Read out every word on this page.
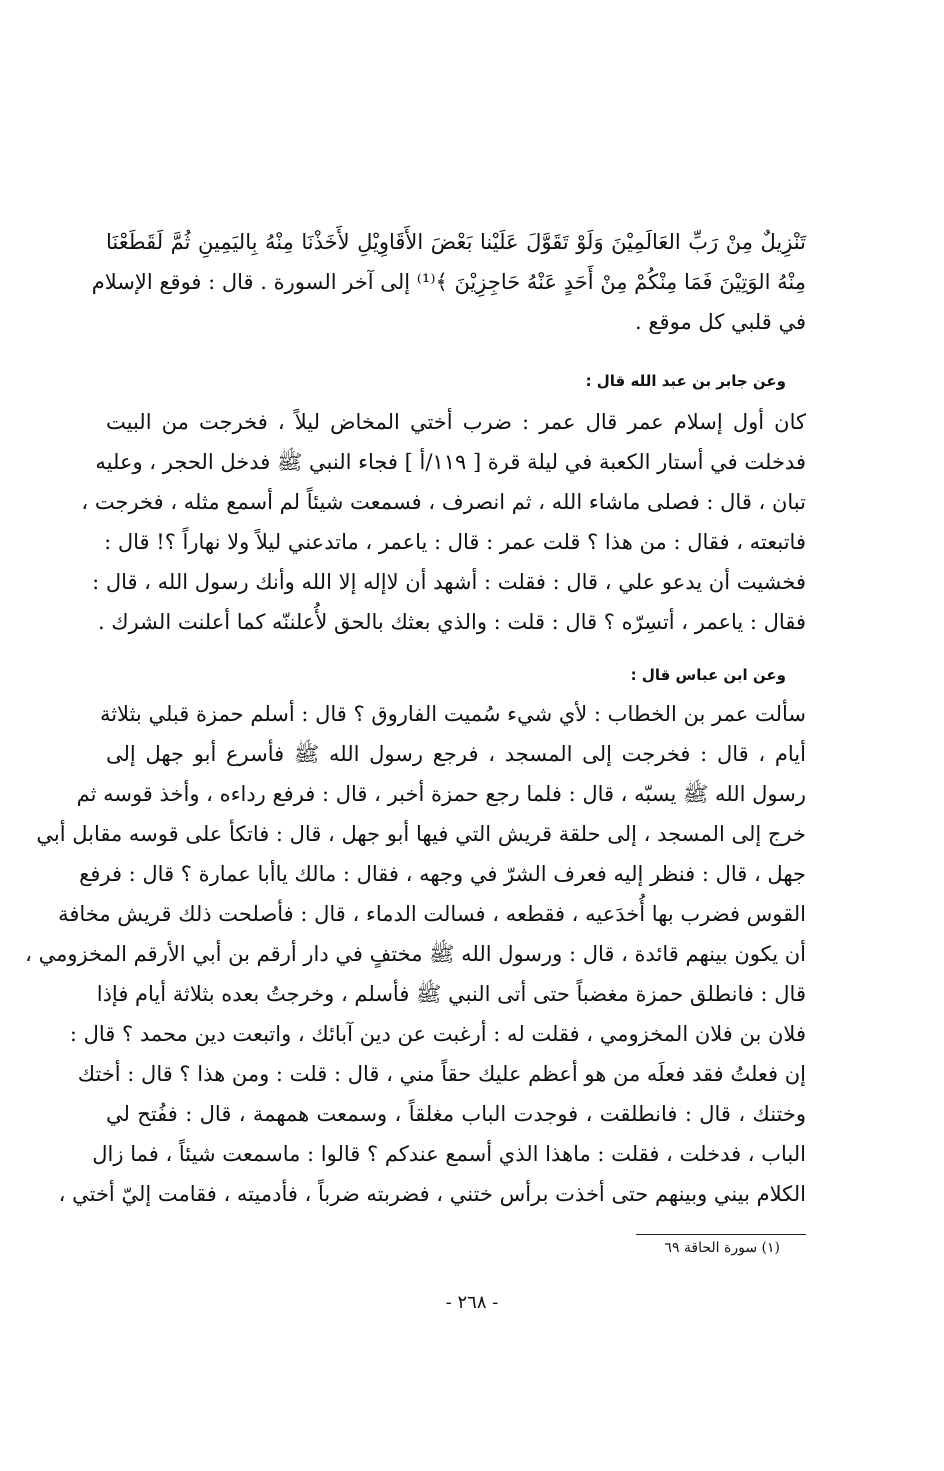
تَنْزِيلٌ مِنْ رَبِّ العَالَمِيْنَ وَلَوْ تَقَوَّلَ عَلَيْنا بَعْضَ الأَقَاوِيْلِ لأَخَذْنَا مِنْهُ بِاليَمِينِ ثُمَّ لَقَطَعْنَا
مِنْهُ الوَتِيْنَ فَمَا مِنْكُمْ مِنْ أَحَدٍ عَنْهُ حَاجِزِيْنَ ﴾⁽¹⁾ إلى آخر السورة . قال : فوقع الإسلام
في قلبي كل موقع .
وعن جابر بن عبد الله قال :
كان أول إسلام عمر قال عمر : ضرب أختي المخاض ليلاً ، فخرجت من البيت
فدخلت في أستار الكعبة في ليلة قرة [ ١١٩/أ ] فجاء النبي ﷺ فدخل الحجر ، وعليه
تبان ، قال : فصلى ماشاء الله ، ثم انصرف ، فسمعت شيئاً لم أسمع مثله ، فخرجت ،
فاتبعته ، فقال : من هذا ؟ قلت عمر : قال : ياعمر ، ماتدعني ليلاً ولا نهاراً ؟! قال :
فخشيت أن يدعو علي ، قال : فقلت : أشهد أن لاإله إلا الله وأنك رسول الله ، قال :
فقال : ياعمر ، أتسِرّه ؟ قال : قلت : والذي بعثك بالحق لأُعلننّه كما أعلنت الشرك .
وعن ابن عباس قال :
سألت عمر بن الخطاب : لأي شيء سُميت الفاروق ؟ قال : أسلم حمزة قبلي بثلاثة
أيام ، قال : فخرجت إلى المسجد ، فرجع رسول الله ﷺ فأسرع أبو جهل إلى
رسول الله ﷺ يسبّه ، قال : فلما رجع حمزة أخبر ، قال : فرفع رداءه ، وأخذ قوسه ثم
خرج إلى المسجد ، إلى حلقة قريش التي فيها أبو جهل ، قال : فاتكأ على قوسه مقابل أبي
جهل ، قال : فنظر إليه فعرف الشرّ في وجهه ، فقال : مالك ياأبا عمارة ؟ قال : فرفع
القوس فضرب بها أُخدَعيه ، فقطعه ، فسالت الدماء ، قال : فأصلحت ذلك قريش مخافة
أن يكون بينهم قائدة ، قال : ورسول الله ﷺ مختفٍ في دار أرقم بن أبي الأرقم المخزومي ،
قال : فانطلق حمزة مغضباً حتى أتى النبي ﷺ فأسلم ، وخرجتُ بعده بثلاثة أيام فإذا
فلان بن فلان المخزومي ، فقلت له : أرغبت عن دين آبائك ، واتبعت دين محمد ؟ قال :
إن فعلتُ فقد فعلَه من هو أعظم عليك حقاً مني ، قال : قلت : ومن هذا ؟ قال : أختك
وختنك ، قال : فانطلقت ، فوجدت الباب مغلقاً ، وسمعت همهمة ، قال : ففُتح لي
الباب ، فدخلت ، فقلت : ماهذا الذي أسمع عندكم ؟ قالوا : ماسمعت شيئاً ، فما زال
الكلام بيني وبينهم حتى أخذت برأس ختني ، فضربته ضرباً ، فأدميته ، فقامت إليّ أختي ،
(١) سورة الحاقة ٦٩
- ٢٦٨ -
